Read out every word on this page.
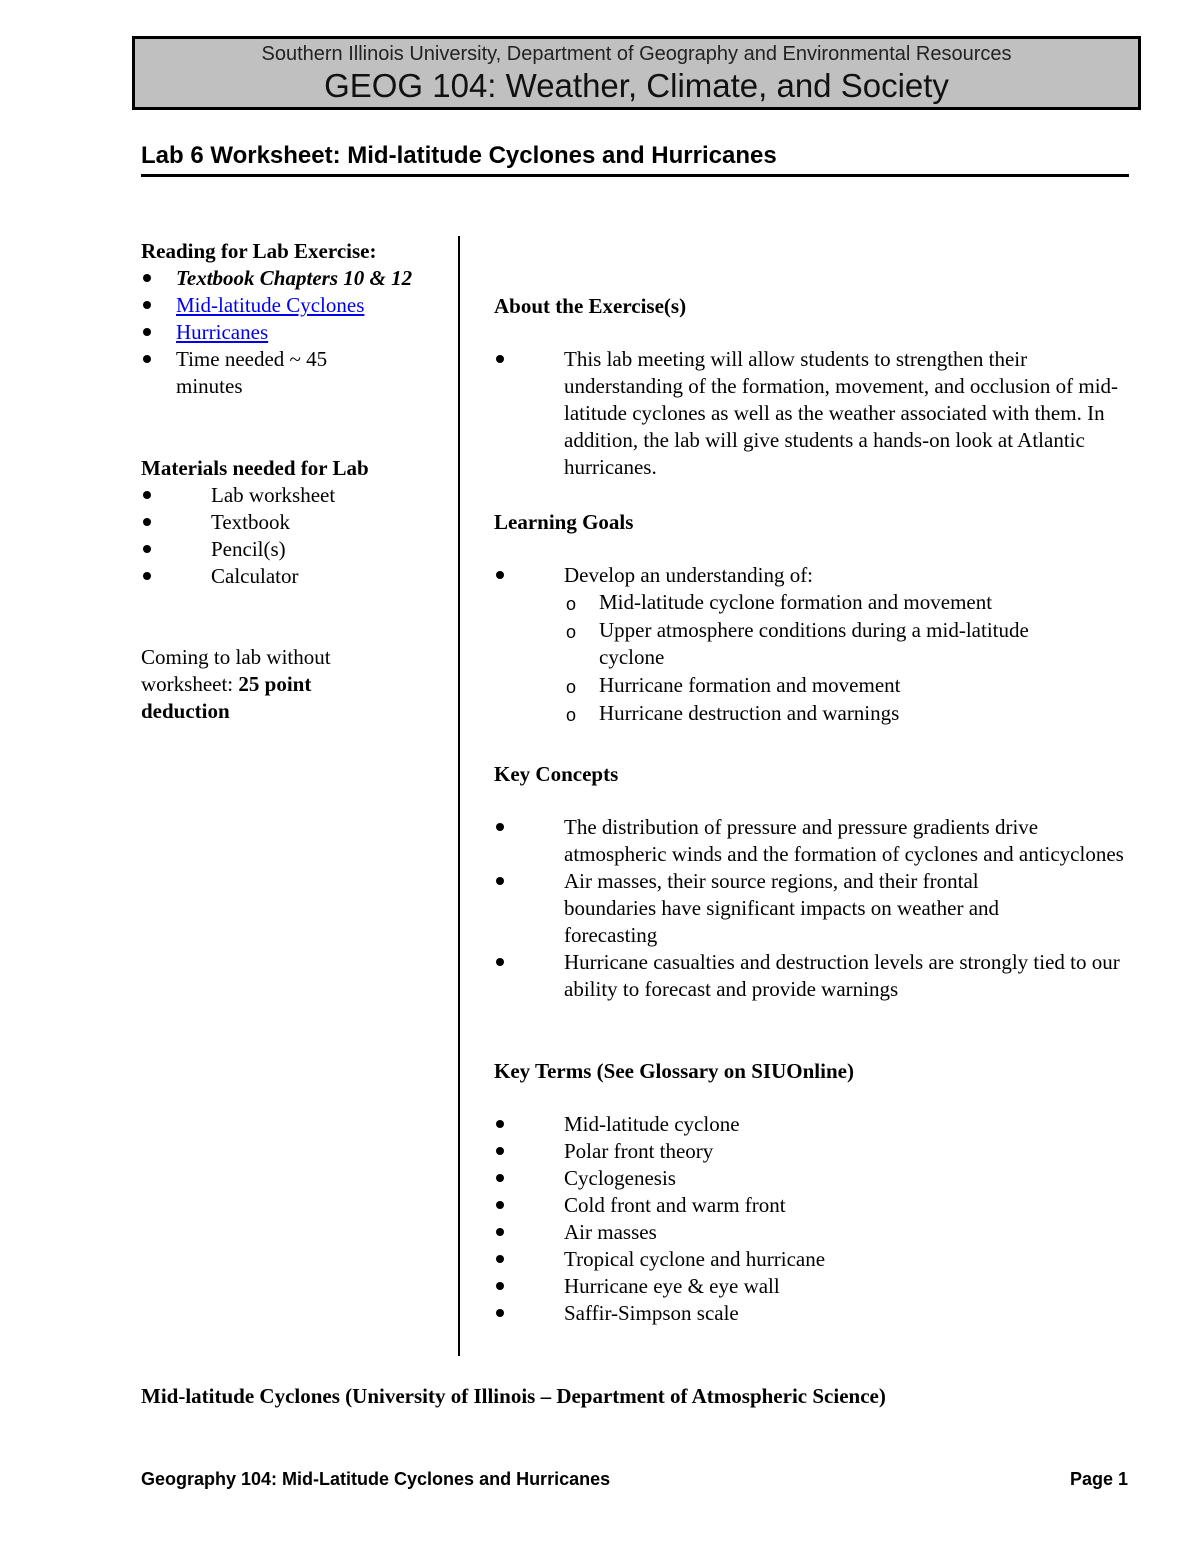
Southern Illinois University, Department of Geography and Environmental Resources
GEOG 104: Weather, Climate, and Society
Lab 6 Worksheet: Mid-latitude Cyclones and Hurricanes
Reading for Lab Exercise:
Textbook Chapters 10 & 12
Mid-latitude Cyclones
Hurricanes
Time needed ~ 45 minutes
Materials needed for Lab
Lab worksheet
Textbook
Pencil(s)
Calculator
Coming to lab without worksheet: 25 point deduction
About the Exercise(s)
This lab meeting will allow students to strengthen their understanding of the formation, movement, and occlusion of mid-latitude cyclones as well as the weather associated with them. In addition, the lab will give students a hands-on look at Atlantic hurricanes.
Learning Goals
Develop an understanding of:
o Mid-latitude cyclone formation and movement
o Upper atmosphere conditions during a mid-latitude cyclone
o Hurricane formation and movement
o Hurricane destruction and warnings
Key Concepts
The distribution of pressure and pressure gradients drive atmospheric winds and the formation of cyclones and anticyclones
Air masses, their source regions, and their frontal boundaries have significant impacts on weather and forecasting
Hurricane casualties and destruction levels are strongly tied to our ability to forecast and provide warnings
Key Terms (See Glossary on SIUOnline)
Mid-latitude cyclone
Polar front theory
Cyclogenesis
Cold front and warm front
Air masses
Tropical cyclone and hurricane
Hurricane eye & eye wall
Saffir-Simpson scale
Mid-latitude Cyclones (University of Illinois – Department of Atmospheric Science)
Geography 104: Mid-Latitude Cyclones and Hurricanes	Page 1
